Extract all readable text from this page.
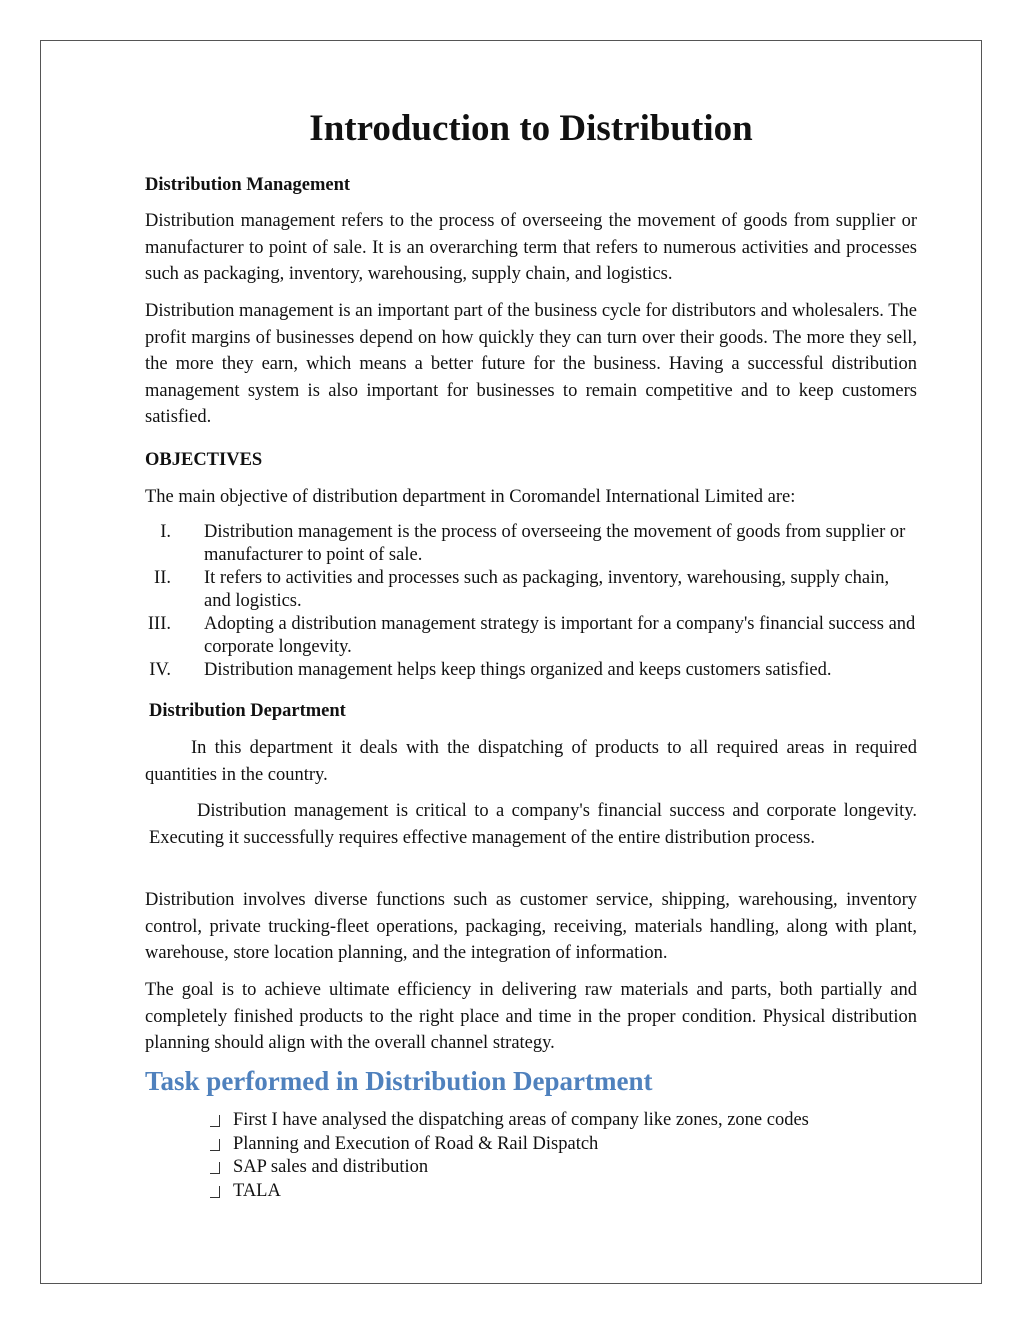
Introduction to Distribution
Distribution Management

Distribution management refers to the process of overseeing the movement of goods from supplier or manufacturer to point of sale. It is an overarching term that refers to numerous activities and processes such as packaging, inventory, warehousing, supply chain, and logistics.

Distribution management is an important part of the business cycle for distributors and wholesalers. The profit margins of businesses depend on how quickly they can turn over their goods. The more they sell, the more they earn, which means a better future for the business. Having a successful distribution management system is also important for businesses to remain competitive and to keep customers satisfied.

OBJECTIVES

The main objective of distribution department in Coromandel International Limited are:

I. Distribution management is the process of overseeing the movement of goods from supplier or manufacturer to point of sale.
II. It refers to activities and processes such as packaging, inventory, warehousing, supply chain, and logistics.
III. Adopting a distribution management strategy is important for a company's financial success and corporate longevity.
IV. Distribution management helps keep things organized and keeps customers satisfied.
Distribution Department

In this department it deals with the dispatching of products to all required areas in required quantities in the country.

Distribution management is critical to a company's financial success and corporate longevity. Executing it successfully requires effective management of the entire distribution process.

Distribution involves diverse functions such as customer service, shipping, warehousing, inventory control, private trucking-fleet operations, packaging, receiving, materials handling, along with plant, warehouse, store location planning, and the integration of information.

The goal is to achieve ultimate efficiency in delivering raw materials and parts, both partially and completely finished products to the right place and time in the proper condition. Physical distribution planning should align with the overall channel strategy.

Task performed in Distribution Department
First I have analysed the dispatching areas of company like zones, zone codes
Planning and Execution of Road & Rail Dispatch
SAP sales and distribution
TALA
